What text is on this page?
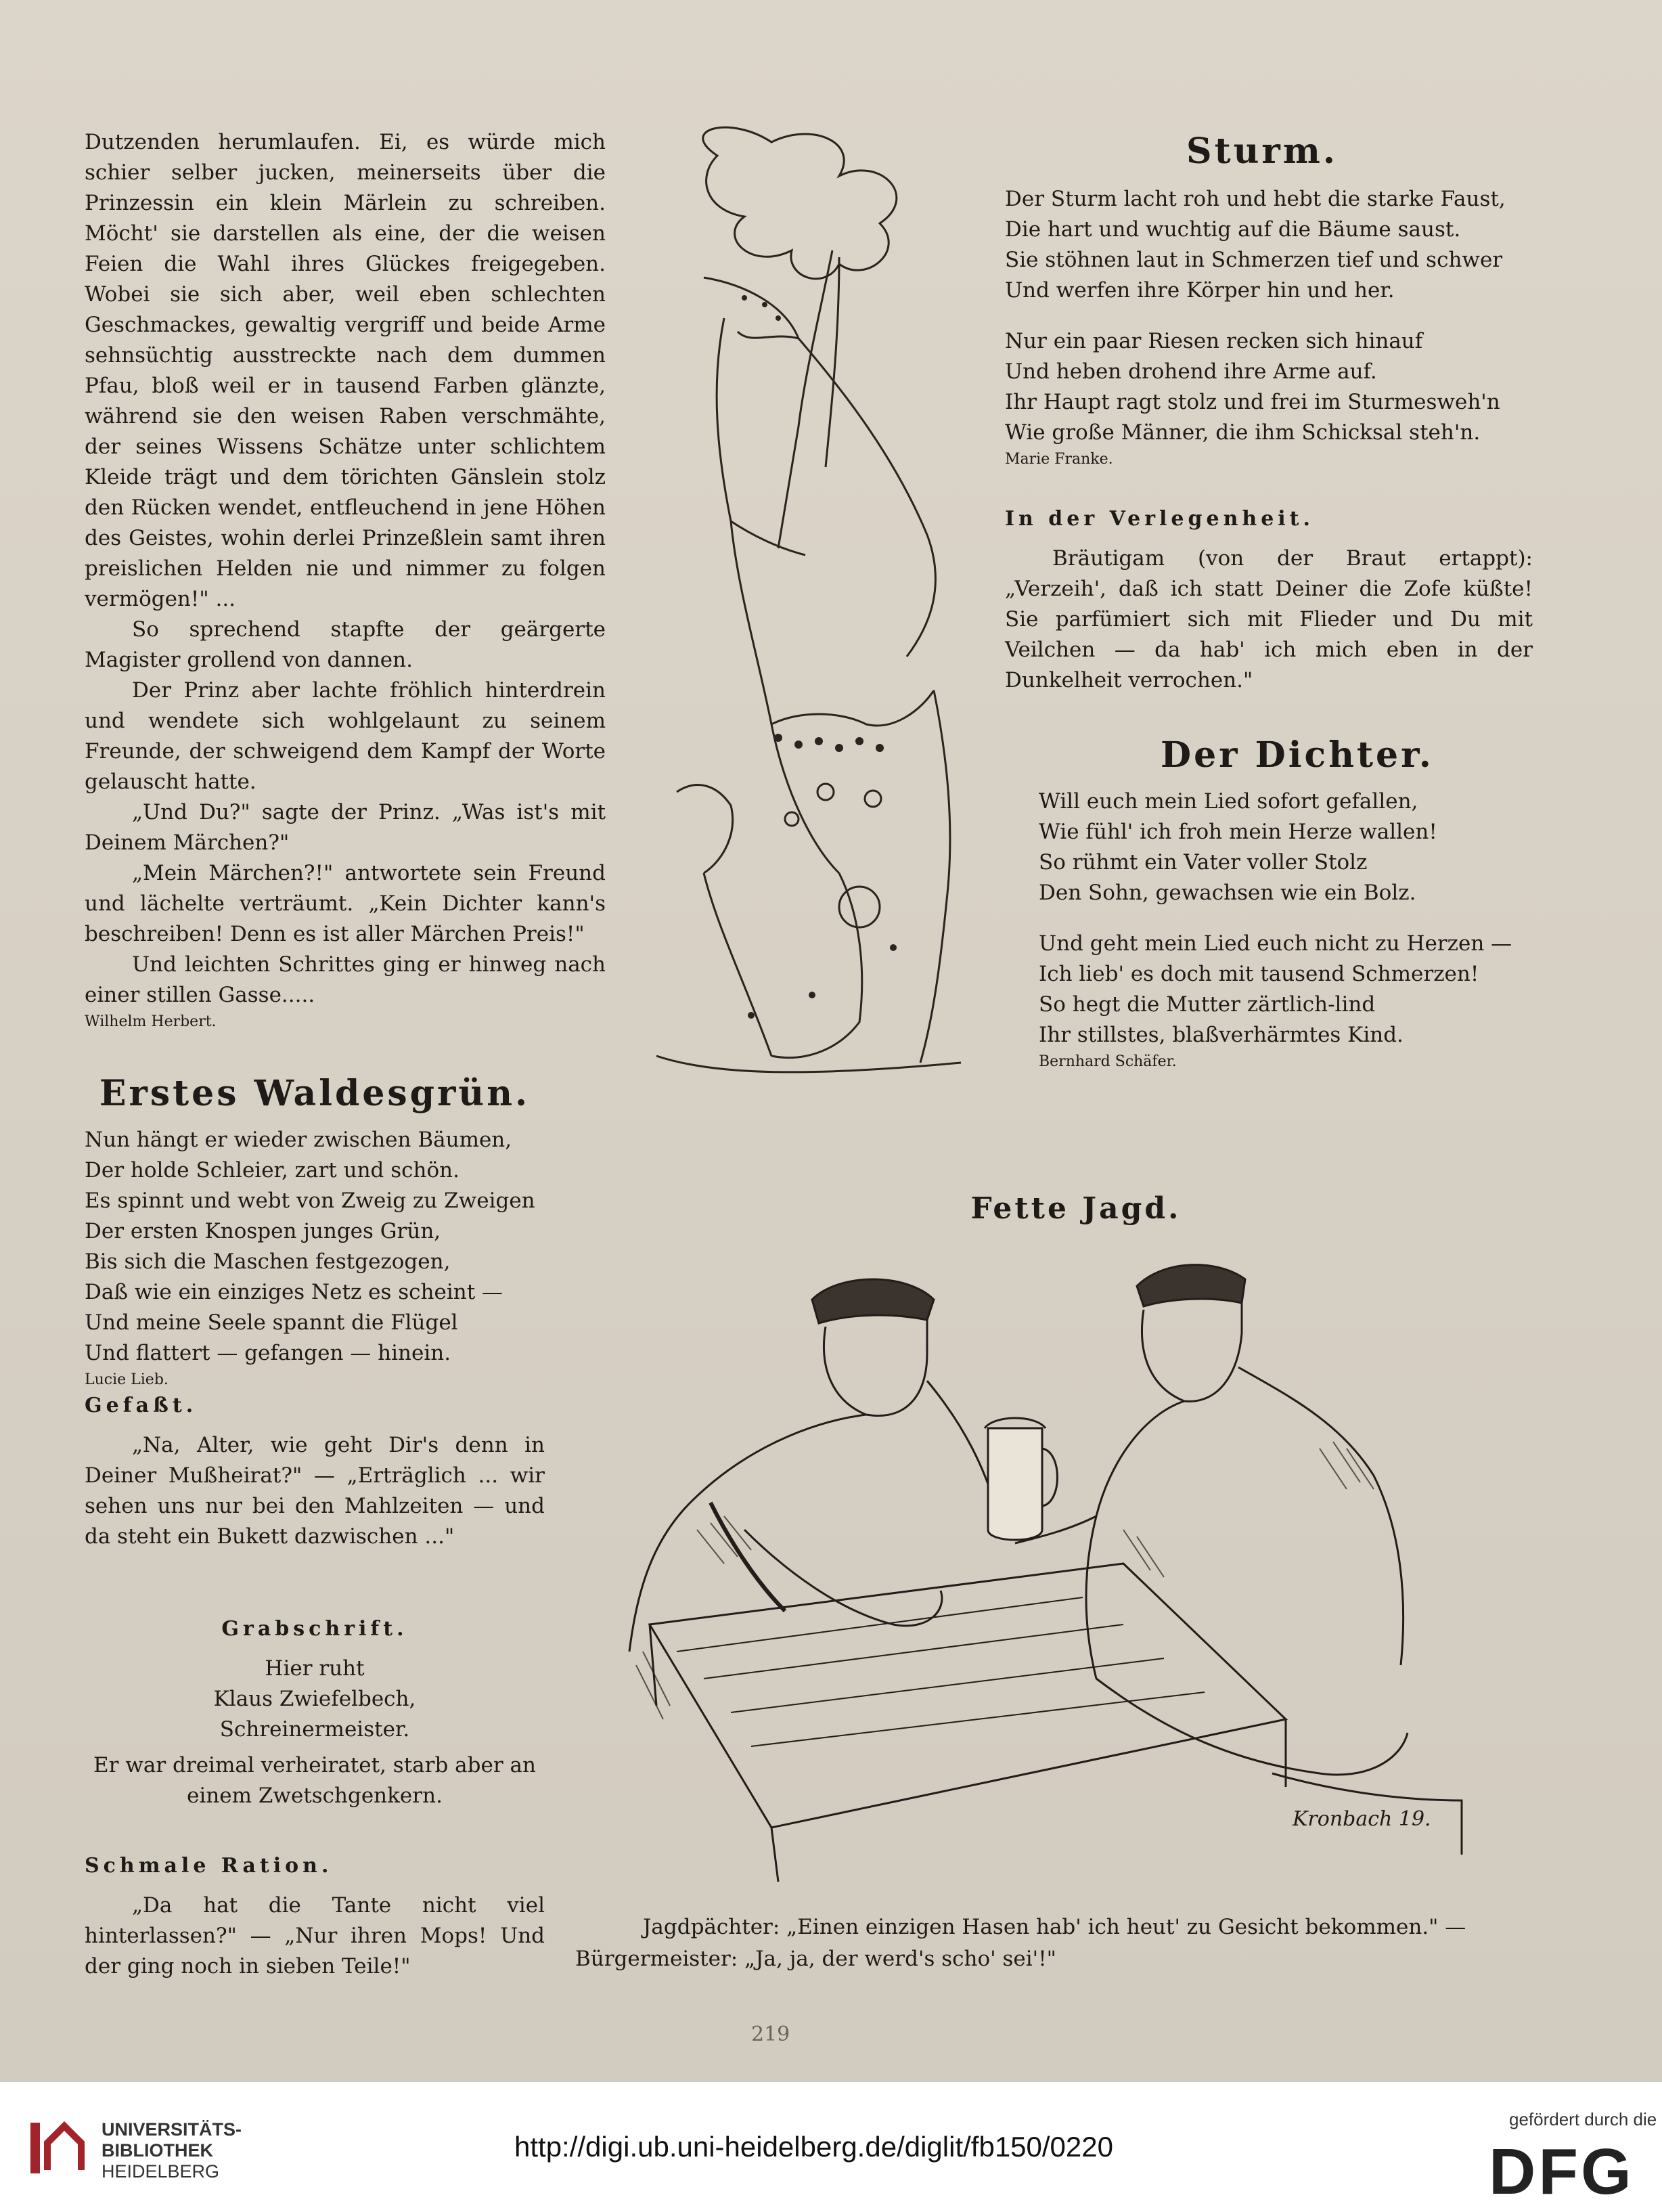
Dutzenden herumlaufen. Ei, es würde mich schier selber jucken, meinerseits über die Prinzessin ein klein Märlein zu schreiben. Möcht' sie darstellen als eine, der die weisen Feien die Wahl ihres Glückes freigegeben. Wobei sie sich aber, weil eben schlechten Geschmackes, gewaltig vergriff und beide Arme sehnsüchtig ausstreckte nach dem dummen Pfau, bloß weil er in tausend Farben glänzte, während sie den weisen Raben verschmähte, der seines Wissens Schätze unter schlichtem Kleide trägt und dem törichten Gänslein stolz den Rücken wendet, entfleuchend in jene Höhen des Geistes, wohin derlei Prinzeßlein samt ihren preislichen Helden nie und nimmer zu folgen vermögen!" ...

So sprechend stapfte der geärgerte Magister grollend von dannen.

Der Prinz aber lachte fröhlich hinterdrein und wendete sich wohlgelaunt zu seinem Freunde, der schweigend dem Kampf der Worte gelauscht hatte.

„Und Du?" sagte der Prinz. „Was ist's mit Deinem Märchen?"

„Mein Märchen?!" antwortete sein Freund und lächelte verträumt. „Kein Dichter kann's beschreiben! Denn es ist aller Märchen Preis!"

Und leichten Schrittes ging er hinweg nach einer stillen Gasse.....

Wilhelm Herbert.

Erstes Waldesgrün.

Nun hängt er wieder zwischen Bäumen,

Der holde Schleier, zart und schön.

Es spinnt und webt von Zweig zu Zweigen

Der ersten Knospen junges Grün,

Bis sich die Maschen festgezogen,

Daß wie ein einziges Netz es scheint —

Und meine Seele spannt die Flügel

Und flattert — gefangen — hinein.

Lucie Lieb.

Gefaßt.

„Na, Alter, wie geht Dir's denn in Deiner Mußheirat?" — „Erträglich ... wir sehen uns nur bei den Mahlzeiten — und da steht ein Bukett dazwischen ..."

Grabschrift.

Hier ruht

Klaus Zwiefelbech,

Schreinermeister.

Er war dreimal verheiratet, starb aber an einem Zwetschgenkern.

Schmale Ration.

„Da hat die Tante nicht viel hinterlassen?" — „Nur ihren Mops! Und der ging noch in sieben Teile!"

Sturm.

Der Sturm lacht roh und hebt die starke Faust,

Die hart und wuchtig auf die Bäume saust.

Sie stöhnen laut in Schmerzen tief und schwer

Und werfen ihre Körper hin und her.

Nur ein paar Riesen recken sich hinauf

Und heben drohend ihre Arme auf.

Ihr Haupt ragt stolz und frei im Sturmesweh'n

Wie große Männer, die ihm Schicksal steh'n.

Marie Franke.

In der Verlegenheit.

Bräutigam (von der Braut ertappt): „Verzeih', daß ich statt Deiner die Zofe küßte! Sie parfümiert sich mit Flieder und Du mit Veilchen — da hab' ich mich eben in der Dunkelheit verrochen."

Der Dichter.

Will euch mein Lied sofort gefallen,

Wie fühl' ich froh mein Herze wallen!

So rühmt ein Vater voller Stolz

Den Sohn, gewachsen wie ein Bolz.

Und geht mein Lied euch nicht zu Herzen —

Ich lieb' es doch mit tausend Schmerzen!

So hegt die Mutter zärtlich-lind

Ihr stillstes, blaßverhärmtes Kind.

Bernhard Schäfer.

Fette Jagd.

Kronbach 19.

Jagdpächter: „Einen einzigen Hasen hab' ich heut' zu Gesicht bekommen." —

Bürgermeister: „Ja, ja, der werd's scho' sei'!"

219
UNIVERSITÄTS-
BIBLIOTHEK
HEIDELBERG
http://digi.ub.uni-heidelberg.de/diglit/fb150/0220
gefördert durch die
DFG
